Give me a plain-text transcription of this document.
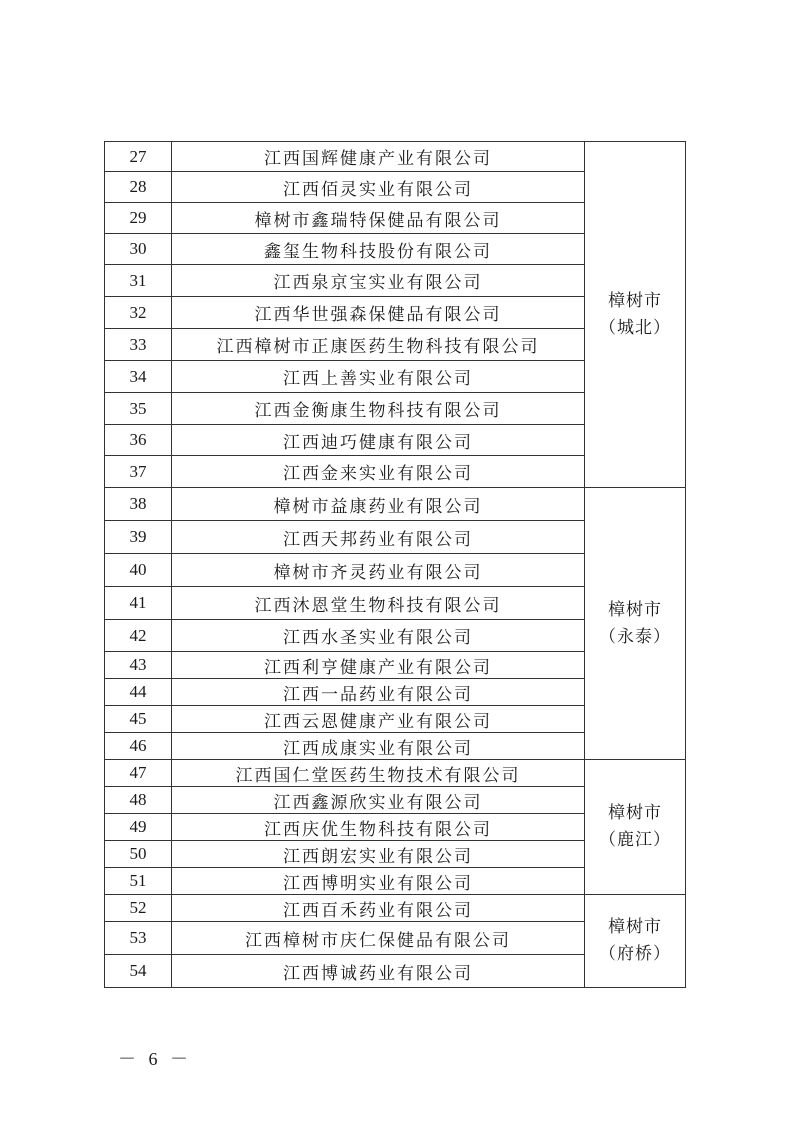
27	江西国辉健康产业有限公司	樟树市
（城北）

28	江西佰灵实业有限公司	
29	樟树市鑫瑞特保健品有限公司	
30	鑫玺生物科技股份有限公司	
31	江西泉京宝实业有限公司	
32	江西华世强森保健品有限公司	
33	江西樟树市正康医药生物科技有限公司	
34	江西上善实业有限公司	
35	江西金衡康生物科技有限公司	
36	江西迪巧健康有限公司	
37	江西金来实业有限公司	
38	樟树市益康药业有限公司	樟树市
（永泰）

39	江西天邦药业有限公司	
40	樟树市齐灵药业有限公司	
41	江西沐恩堂生物科技有限公司	
42	江西水圣实业有限公司	
43	江西利亨健康产业有限公司	
44	江西一品药业有限公司	
45	江西云恩健康产业有限公司	
46	江西成康实业有限公司	
47	江西国仁堂医药生物技术有限公司	樟树市
（鹿江）

48	江西鑫源欣实业有限公司	
49	江西庆优生物科技有限公司	
50	江西朗宏实业有限公司	
51	江西博明实业有限公司	
52	江西百禾药业有限公司	樟树市
（府桥）

53	江西樟树市庆仁保健品有限公司	
54	江西博诚药业有限公司	
－ 6 －
